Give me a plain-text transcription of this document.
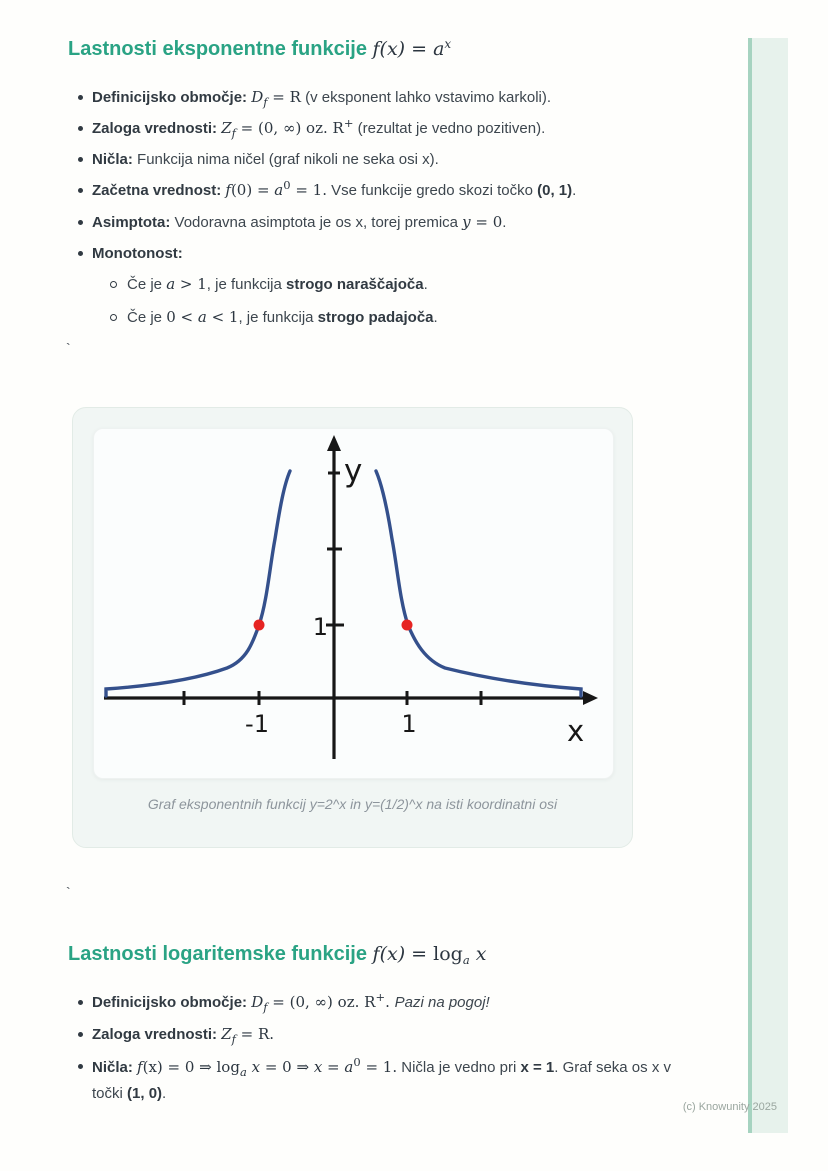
Lastnosti eksponentne funkcije $f(x) = a^x$
Definicijsko območje: $D_f = R$ (v eksponent lahko vstavimo karkoli).
Zaloga vrednosti: $Z_f = (0$, ∞) oz. R+ (rezultat je vedno pozitiven).
Ničla: Funkcija nima ničel (graf nikoli ne seka osi x).
Začetna vrednost: $f(0) = a^0 = 1$. Vse funkcije gredo skozi točko (0, 1).
Asimptota: Vodoravna asimptota je os x, torej premica y = 0.
Monotonost:
Če je a > 1, je funkcija strogo naraščajoča.
Če je 0 < a < 1, je funkcija strogo padajoča.
`
y
x
1
-1	1
Graf eksponentnih funkcij y=2^x in y=(1/2)^x na isti koordinatni osi
`
Lastnosti logaritemske funkcije $f(x) = \log_a x$
Definicijsko območje: $D_f = (0$, ∞) oz. R+. Pazi na pogoj!
Zaloga vrednosti: $Z_f = R$.
Ničla: f(x) = 0 ⇒ $\log_a x = 0$ ⇒ $x = a^0 = 1$. Ničla je vedno pri x = 1. Graf seka os x v točki (1, 0).
(c) Knowunity 2025
